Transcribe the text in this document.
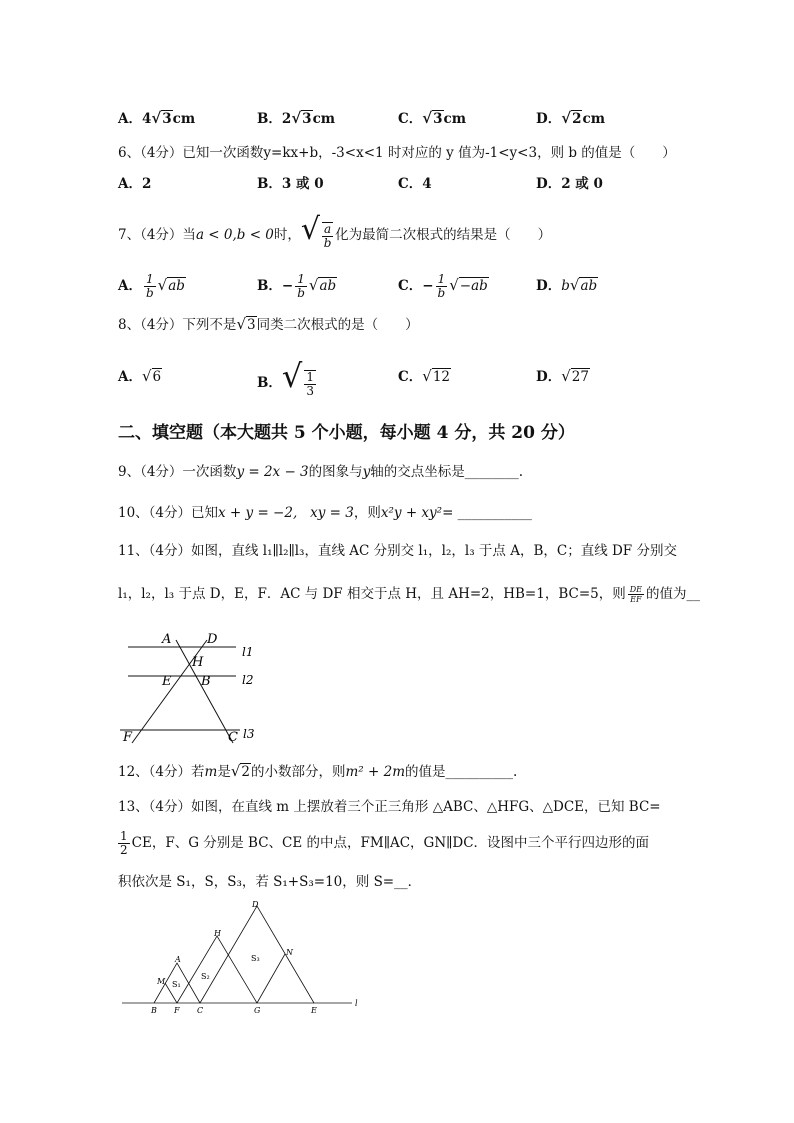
A．4√3cm	B．2√3cm	C．√3cm	D．√2cm
6、（4分）已知一次函数y=kx+b，-3<x<1 时对应的 y 值为-1<y<3，则 b 的值是（　　）
A．2	B．3 或 0	C．4	D．2 或 0
7、（4分）当a < 0,b < 0时，√ $\frac{a}{b}$ 化为最简二次根式的结果是（　　）
A． $\frac{1}{b} √ab$	B．− $\frac{1}{b} √ab$	C．− $\frac{1}{b} √-ab$	D．b√ab
8、（4分）下列不是√3同类二次根式的是（　　）
A．√6	B．√ $\frac{1}{3}$	C．√12	D．√27
二、填空题（本大题共 5 个小题，每小题 4 分，共 20 分）
9、（4分）一次函数y = 2x − 3的图象与y轴的交点坐标是________.
10、（4分）已知x + y = −2, xy = 3，则x²y + xy²= ___________
11、（4分）如图，直线 l₁∥l₂∥l₃，直线 AC 分别交 l₁，l₂，l₃ 于点 A，B，C；直线 DF 分别交
l₁，l₂，l₃ 于点 D，E，F．AC 与 DF 相交于点 H，且 AH=2，HB=1，BC=5，则 $\frac{DE}{EF}$ 的值为__
A	D
H
E B
F	C
l1
l2
l3
12、（4分）若m是√2的小数部分，则m² + 2m的值是__________.
13、（4分）如图，在直线 m 上摆放着三个正三角形 △ABC、△HFG、△DCE，已知 BC=
$\frac{1}{2}$ CE，F、G 分别是 BC、CE 的中点，FM∥AC，GN∥DC．设图中三个平行四边形的面
积依次是 S₁，S，S₃，若 S₁+S₃=10，则 S=__．
D
H
N
A
M S₁
S₂
S₃
B F C	G	E
l
